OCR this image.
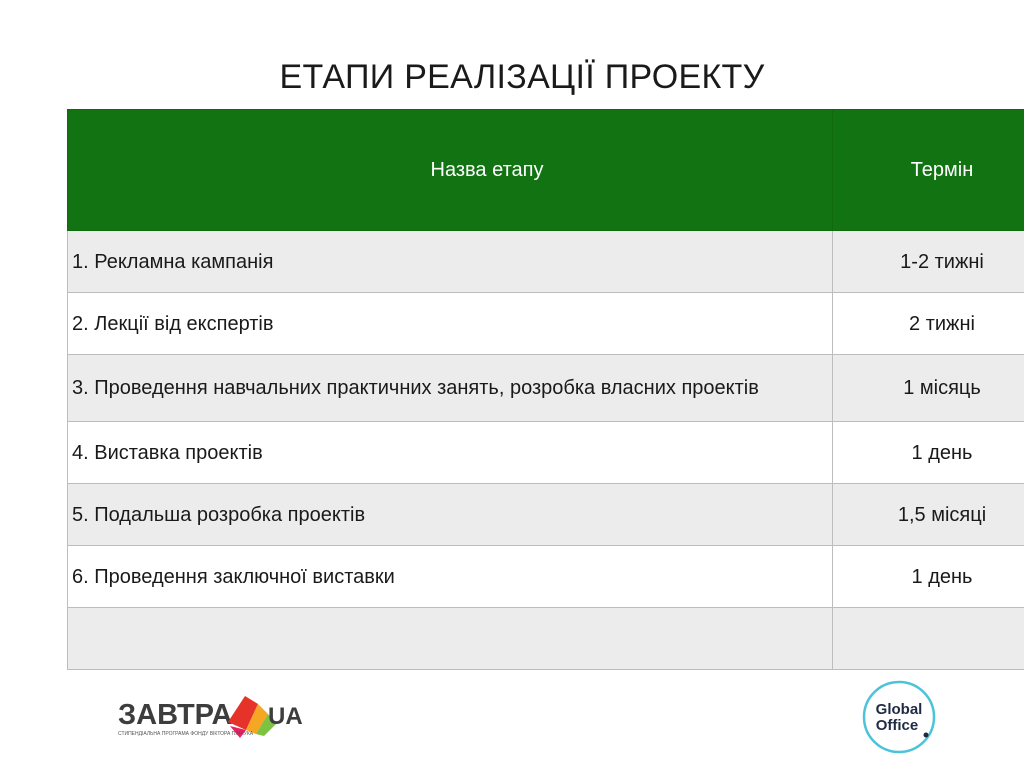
ЕТАПИ РЕАЛІЗАЦІЇ ПРОЕКТУ
Назва етапу	Термін
1. Рекламна кампанія	1-2 тижні
2. Лекції від експертів	2 тижні
3. Проведення навчальних практичних занять, розробка власних проектів	1 місяць
4. Виставка проектів	1 день
5. Подальша розробка проектів	1,5 місяці
6. Проведення заключної виставки	1 день

ЗАВТРА UA
СТИПЕНДІАЛЬНА ПРОГРАМА ФОНДУ ВІКТОРА ПІНЧУКА
Global
Office
